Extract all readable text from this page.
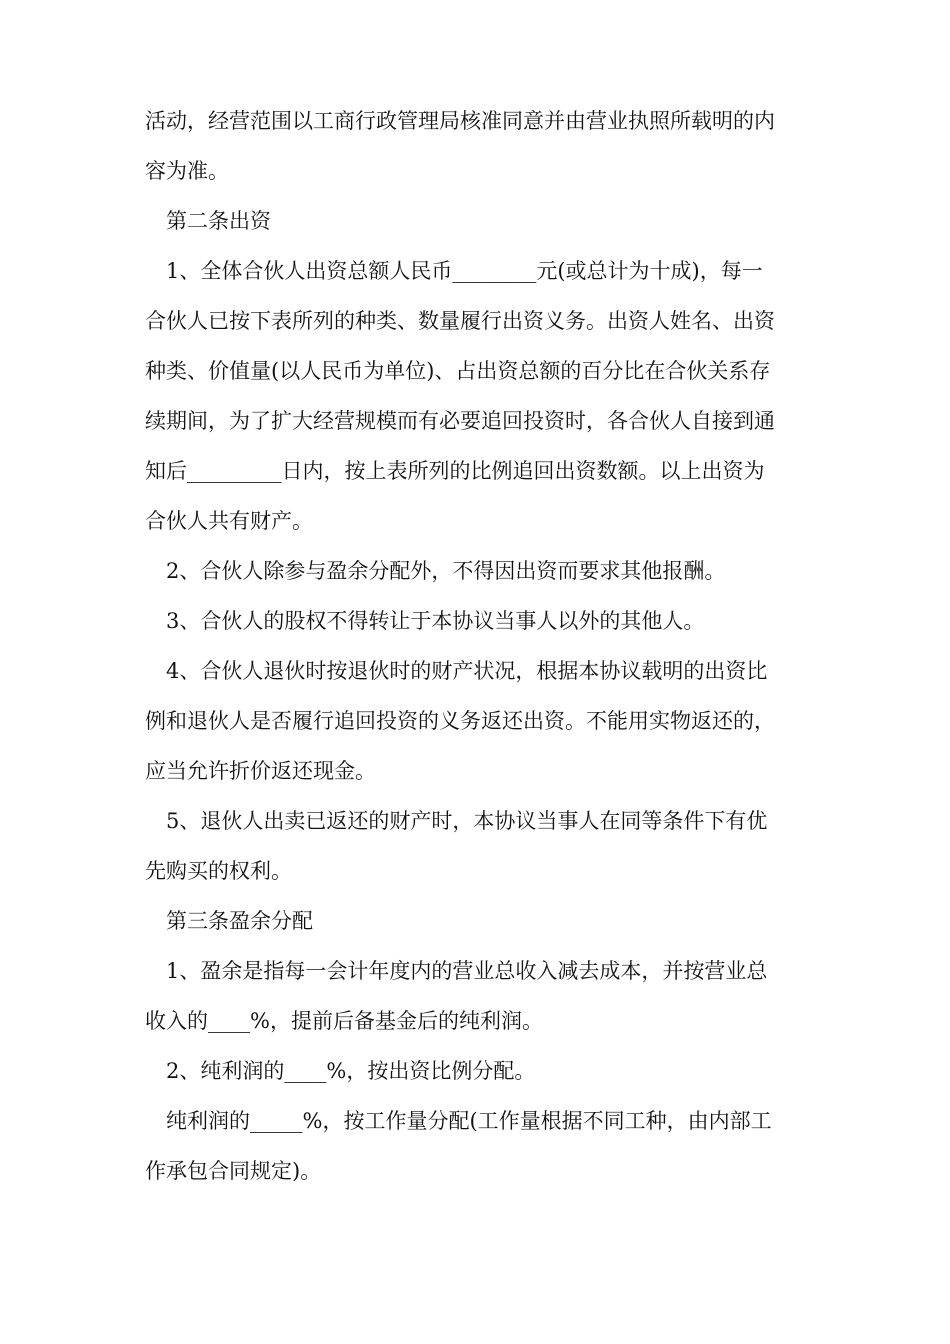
活动，经营范围以工商行政管理局核准同意并由营业执照所载明的内
容为准。
第二条出资
1、全体合伙人出资总额人民币________元(或总计为十成)，每一
合伙人已按下表所列的种类、数量履行出资义务。出资人姓名、出资
种类、价值量(以人民币为单位)、占出资总额的百分比在合伙关系存
续期间，为了扩大经营规模而有必要追回投资时，各合伙人自接到通
知后_________日内，按上表所列的比例追回出资数额。以上出资为
合伙人共有财产。
2、合伙人除参与盈余分配外，不得因出资而要求其他报酬。
3、合伙人的股权不得转让于本协议当事人以外的其他人。
4、合伙人退伙时按退伙时的财产状况，根据本协议载明的出资比
例和退伙人是否履行追回投资的义务返还出资。不能用实物返还的，
应当允许折价返还现金。
5、退伙人出卖已返还的财产时，本协议当事人在同等条件下有优
先购买的权利。
第三条盈余分配
1、盈余是指每一会计年度内的营业总收入减去成本，并按营业总
收入的____%，提前后备基金后的纯利润。
2、纯利润的____%，按出资比例分配。
纯利润的_____%，按工作量分配(工作量根据不同工种，由内部工
作承包合同规定)。
